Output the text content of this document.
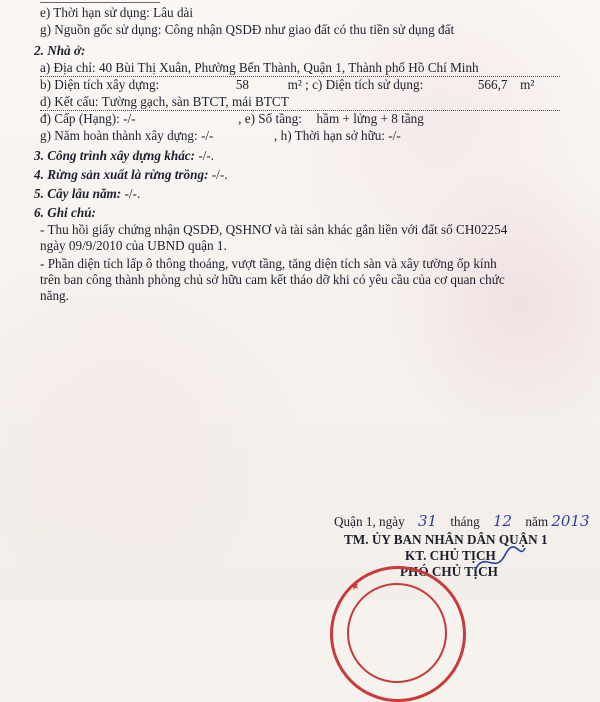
e) Thời hạn sử dụng: Lâu dài
g) Nguồn gốc sử dụng: Công nhận QSDĐ như giao đất có thu tiền sử dụng đất
2. Nhà ở:
a) Địa chỉ: 40 Bùi Thị Xuân, Phường Bến Thành, Quận 1, Thành phố Hồ Chí Minh
b) Diện tích xây dựng:	58	m² ; c) Diện tích sử dụng:	566,7 m²
d) Kết cấu: Tường gạch, sàn BTCT, mái BTCT
đ) Cấp (Hạng): -/-	, e) Số tầng: hầm + lửng + 8 tầng
g) Năm hoàn thành xây dựng: -/-	, h) Thời hạn sở hữu: -/-
3. Công trình xây dựng khác: -/-.
4. Rừng sản xuất là rừng trồng: -/-.
5. Cây lâu năm: -/-.
6. Ghi chú:
- Thu hồi giấy chứng nhận QSDĐ, QSHNƠ và tài sản khác gắn liền với đất số CH02254
ngày 09/9/2010 của UBND quận 1.
- Phần diện tích lấp ô thông thoáng, vượt tầng, tăng diện tích sàn và xây tường ốp kính
trên ban công thành phòng chủ sở hữu cam kết tháo dỡ khi có yêu cầu của cơ quan chức
năng.
Quận 1, ngày 31 tháng 12 năm 2013
TM. ỦY BAN NHÂN DÂN QUẬN 1
KT. CHỦ TỊCH
PHÓ CHỦ TỊCH
★
